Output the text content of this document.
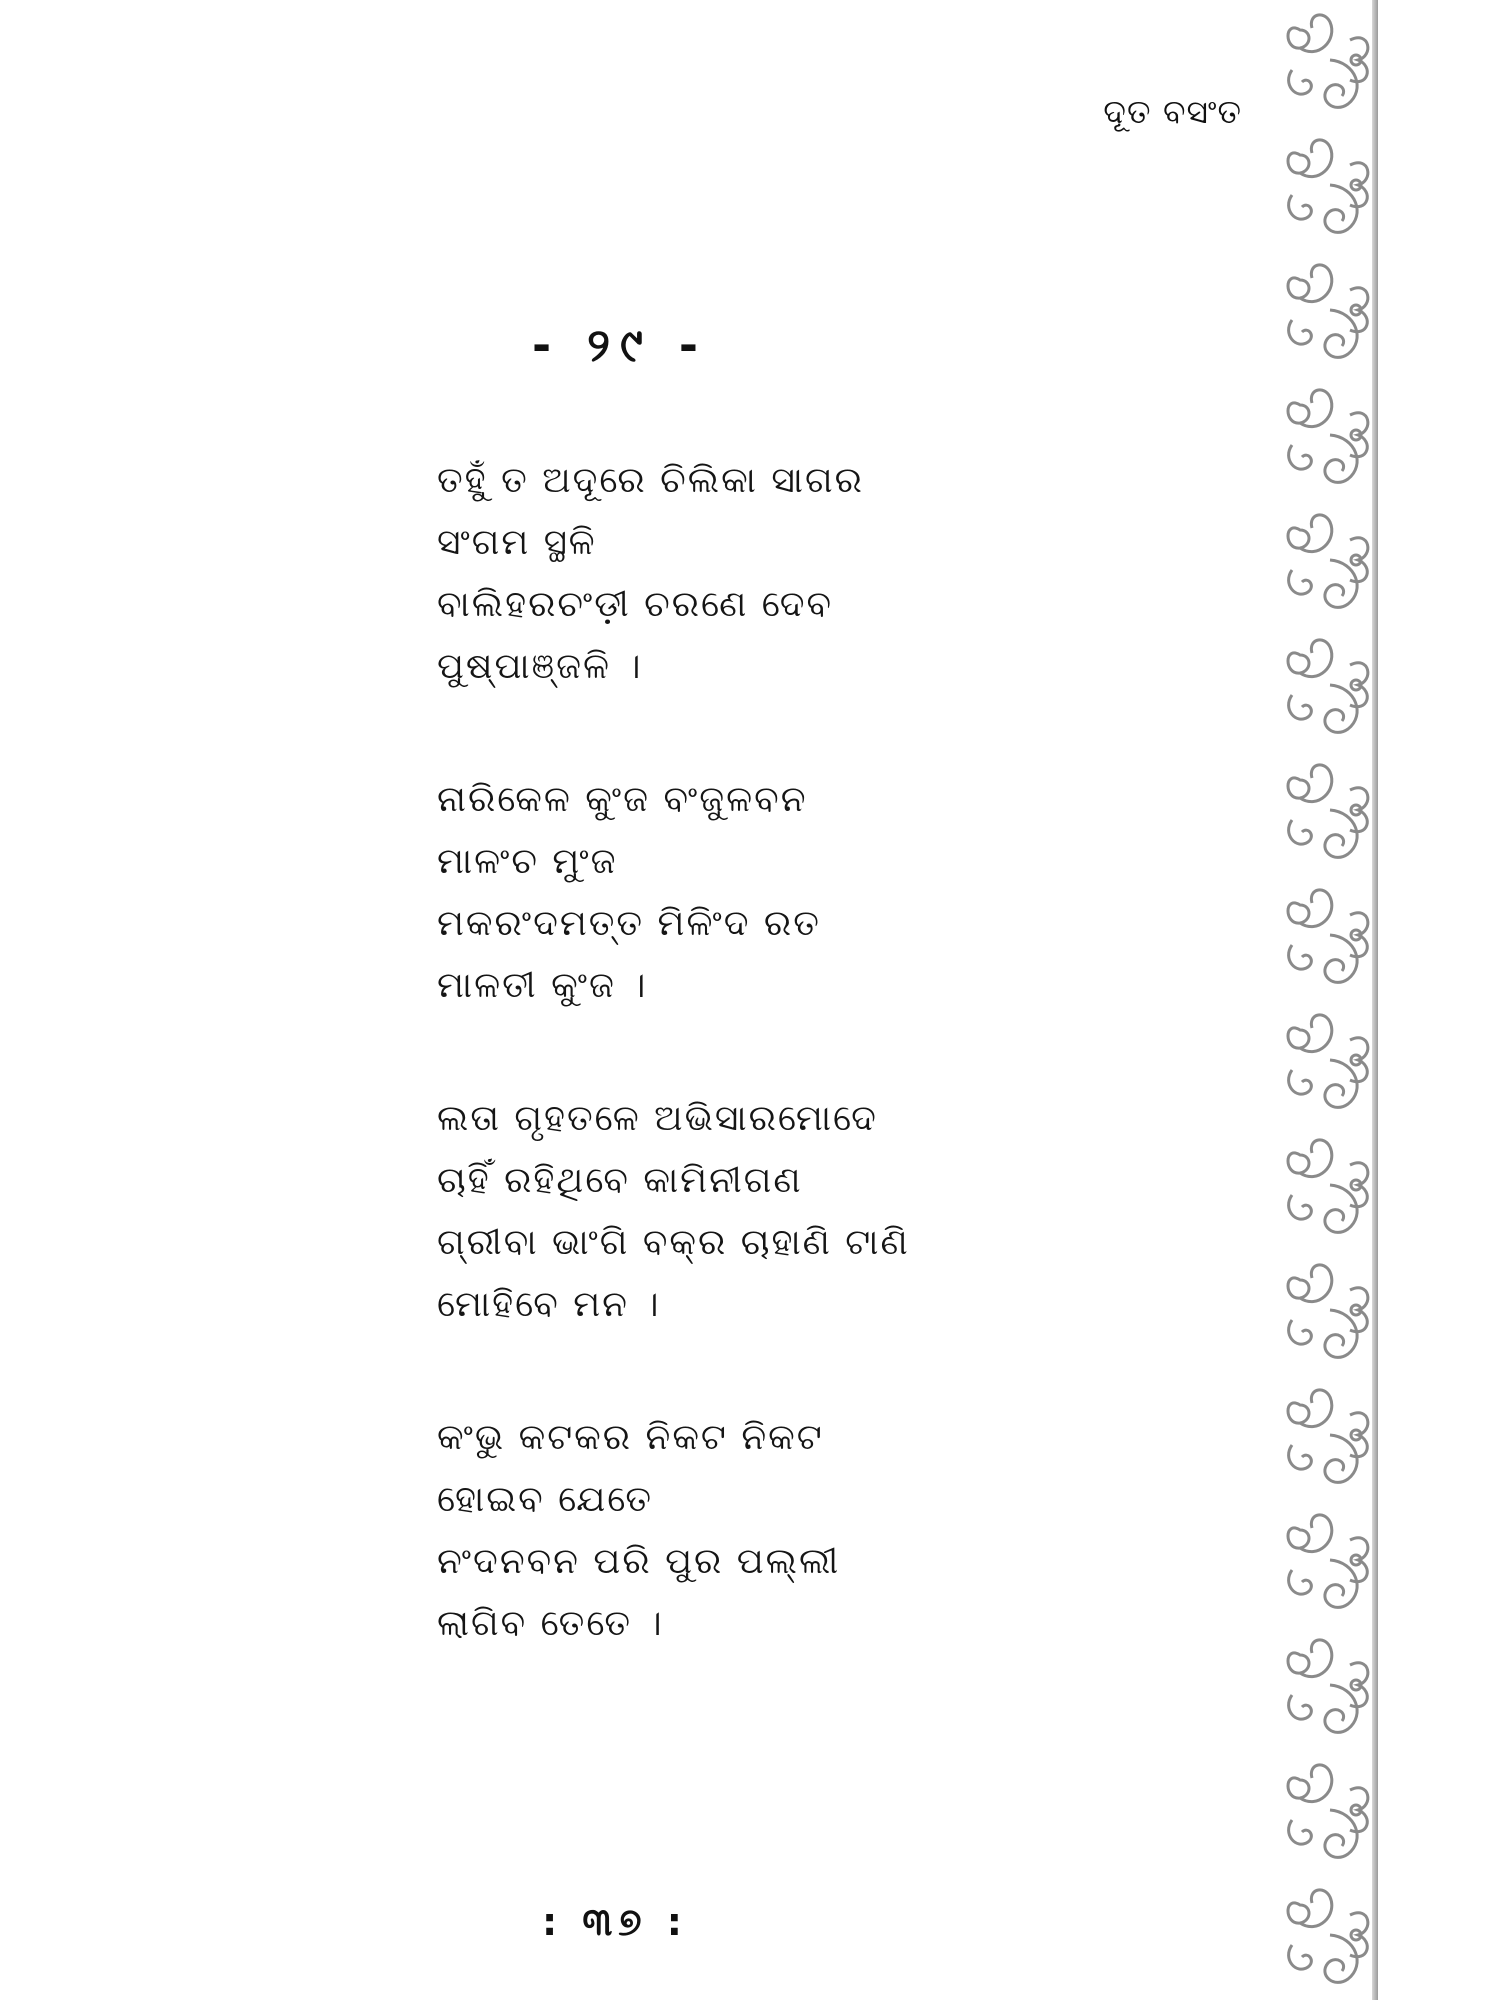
ଦୂତ ବସଂତ
- ୨୯ -
ତହୁଁ ତ ଅଦୂରେ ଚିଲିକା ସାଗର
ସଂଗମ ସ୍ଥଳି
ବାଲିହରଚଂଡ଼ୀ ଚରଣେ ଦେବ
ପୁଷ୍ପାଞ୍ଜଳି ।
ନାରିକେଳ କୁଂଜ ବଂଜୁଳବନ
ମାଳଂଚ ମୁଂଜ
ମକରଂଦମତ୍ତ ମିଳିଂଦ ରତ
ମାଳତୀ କୁଂଜ ।
ଲତା ଗୃହତଳେ ଅଭିସାରମୋଦେ
ଚାହିଁ ରହିଥିବେ କାମିନୀଗଣ
ଗ୍ରୀବା ଭାଂଗି ବକ୍ର ଚାହାଣି ଟାଣି
ମୋହିବେ ମନ ।
କଂଭୁ କଟକର ନିକଟ ନିକଟ
ହୋଇବ ଯେତେ
ନଂଦନବନ ପରି ପୁର ପଲ୍ଲୀ
ଲାଗିବ ତେତେ ।
: ୩୭ :
